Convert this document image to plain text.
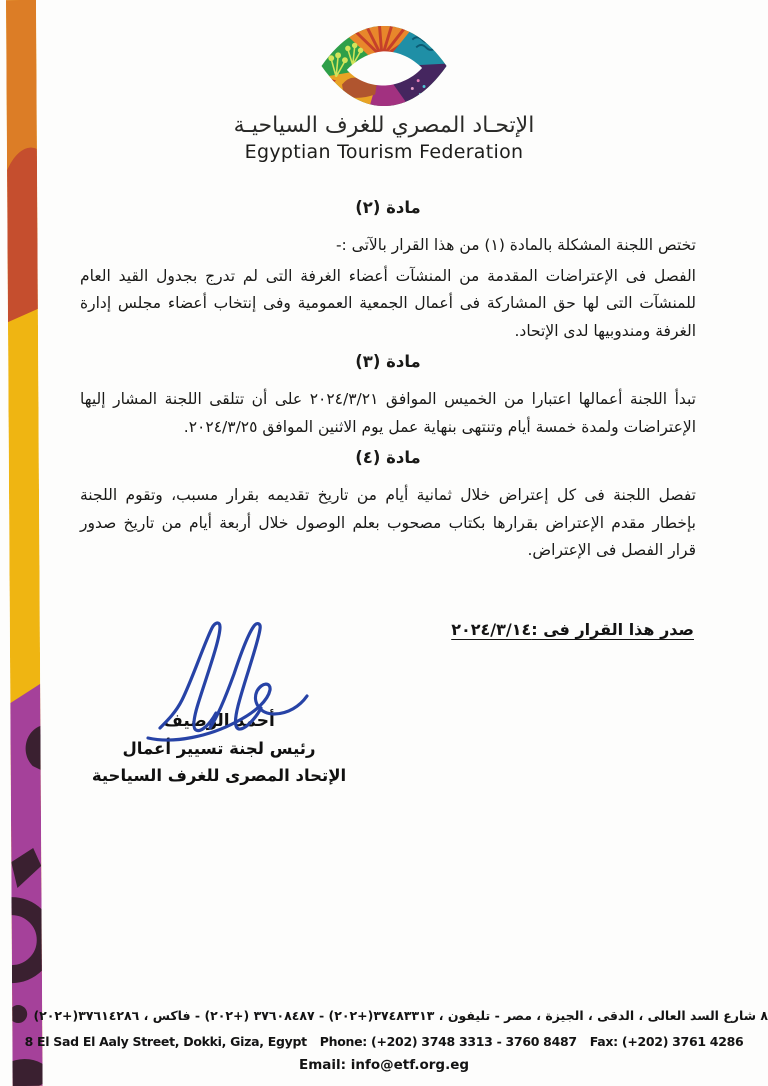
الإتحـاد المصري للغرف السياحيـة
Egyptian Tourism Federation
مادة (٢)

تختص اللجنة المشكلة بالمادة (١) من هذا القرار بالآتى :-

الفصل فى الإعتراضات المقدمة من المنشآت أعضاء الغرفة التى لم تدرج بجدول القيد العام للمنشآت التى لها حق المشاركة فى أعمال الجمعية العمومية وفى إنتخاب أعضاء مجلس إدارة الغرفة ومندوبيها لدى الإتحاد.

مادة (٣)

تبدأ اللجنة أعمالها اعتبارا من الخميس الموافق ٢٠٢٤/٣/٢١ على أن تتلقى اللجنة المشار إليها الإعتراضات ولمدة خمسة أيام وتنتهى بنهاية عمل يوم الاثنين الموافق ٢٠٢٤/٣/٢٥.

مادة (٤)

تفصل اللجنة فى كل إعتراض خلال ثمانية أيام من تاريخ تقديمه بقرار مسبب، وتقوم اللجنة بإخطار مقدم الإعتراض بقرارها بكتاب مصحوب بعلم الوصول خلال أربعة أيام من تاريخ صدور قرار الفصل فى الإعتراض.

صدر هذا القرار فى :٢٠٢٤/٣/١٤
أحمد الوصيف
رئيس لجنة تسيير أعمال
الإتحاد المصرى للغرف السياحية
٨ شارع السد العالى ، الدقى ، الجيزة ، مصر - تليفون ، ٣٧٤٨٣٣١٣(+٢٠٢) - ٣٧٦٠٨٤٨٧ (+٢٠٢) - فاكس ، ٣٧٦١٤٢٨٦(+٢٠٢)
8 El Sad El Aaly Street, Dokki, Giza, Egypt Phone: (+202) 3748 3313 - 3760 8487 Fax: (+202) 3761 4286
Email: info@etf.org.eg
